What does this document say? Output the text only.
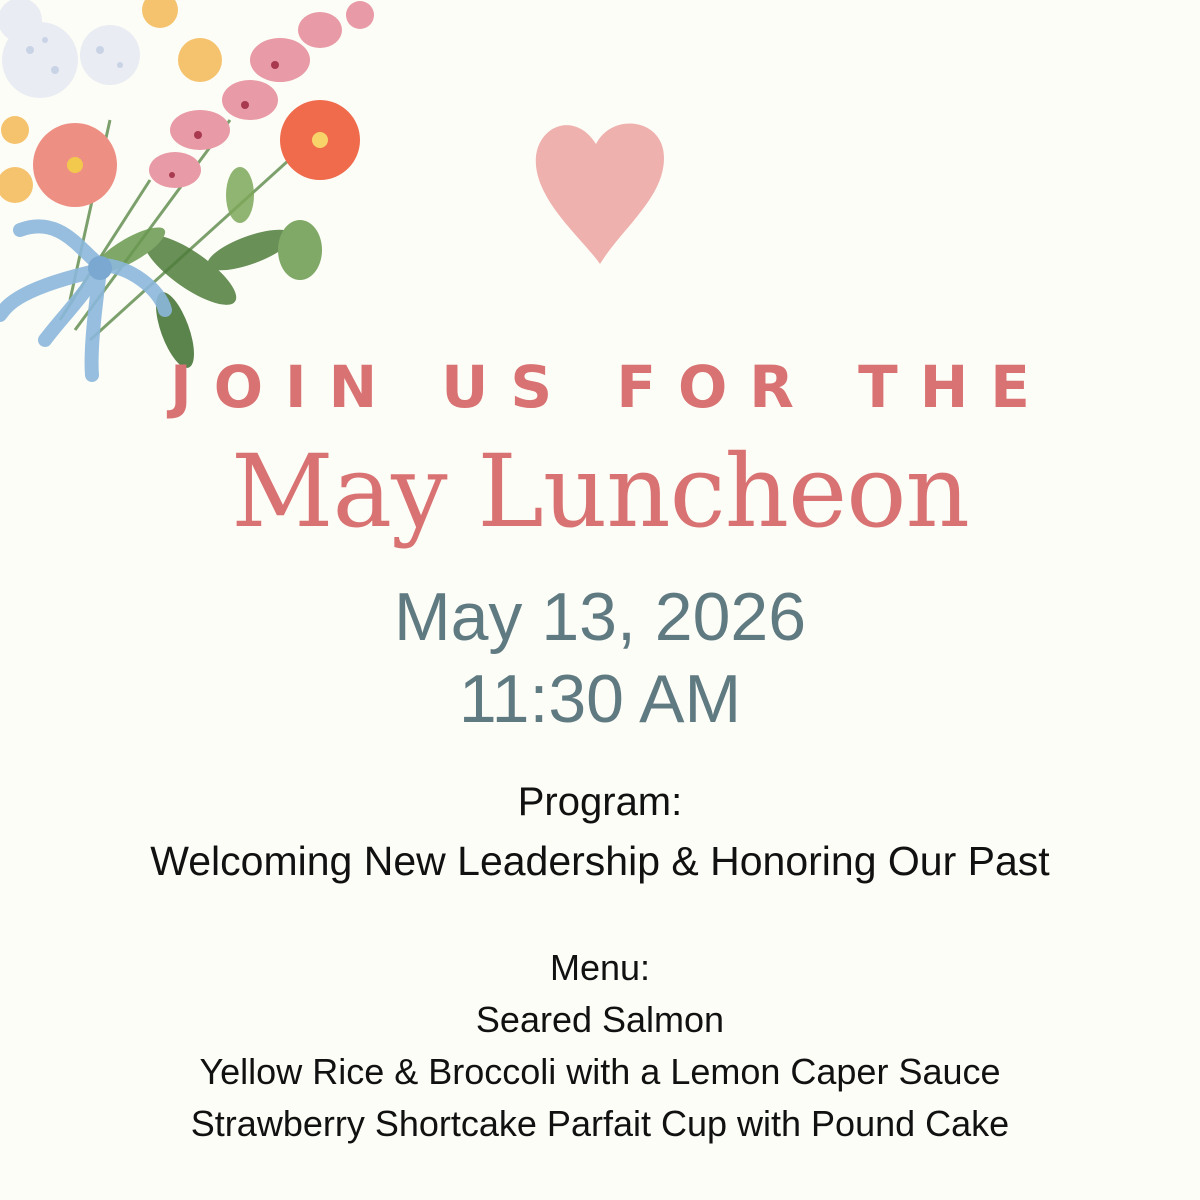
JOIN US FOR THE
May Luncheon
May 13, 2026
11:30 AM
Program:
Welcoming New Leadership & Honoring Our Past
Menu:
Seared Salmon
Yellow Rice & Broccoli with a Lemon Caper Sauce
Strawberry Shortcake Parfait Cup with Pound Cake
